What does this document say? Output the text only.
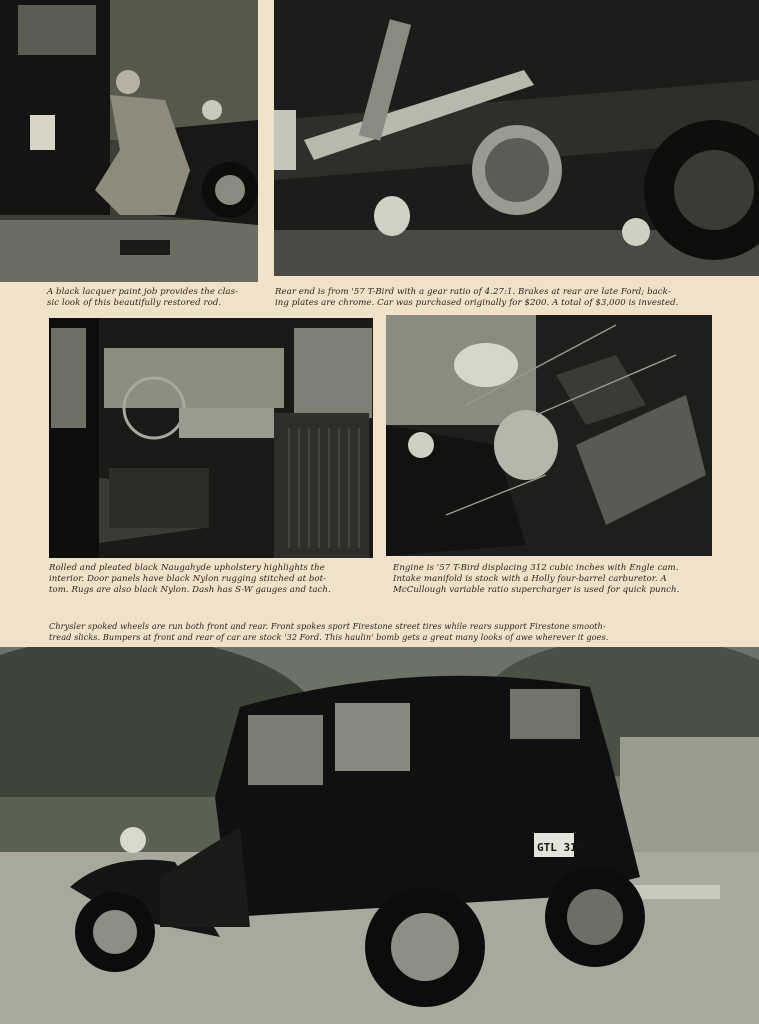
A black lacquer paint job provides the clas-
sic look of this beautifully restored rod.
Rear end is from '57 T-Bird with a gear ratio of 4.27:1. Brakes at rear are late Ford; back-
ing plates are chrome. Car was purchased originally for $200. A total of $3,000 is invested.
Rolled and pleated black Naugahyde upholstery highlights the
interior. Door panels have black Nylon rugging stitched at bot-
tom. Rugs are also black Nylon. Dash has S-W gauges and tach.
Engine is '57 T-Bird displacing 312 cubic inches with Engle cam.
Intake manifold is stock with a Holly four-barrel carburetor. A
McCullough variable ratio supercharger is used for quick punch.
Chrysler spoked wheels are run both front and rear. Front spokes sport Firestone street tires while rears support Firestone smooth-
tread slicks. Bumpers at front and rear of car are stock '32 Ford. This haulin' bomb gets a great many looks of awe wherever it goes.
GTL 310
